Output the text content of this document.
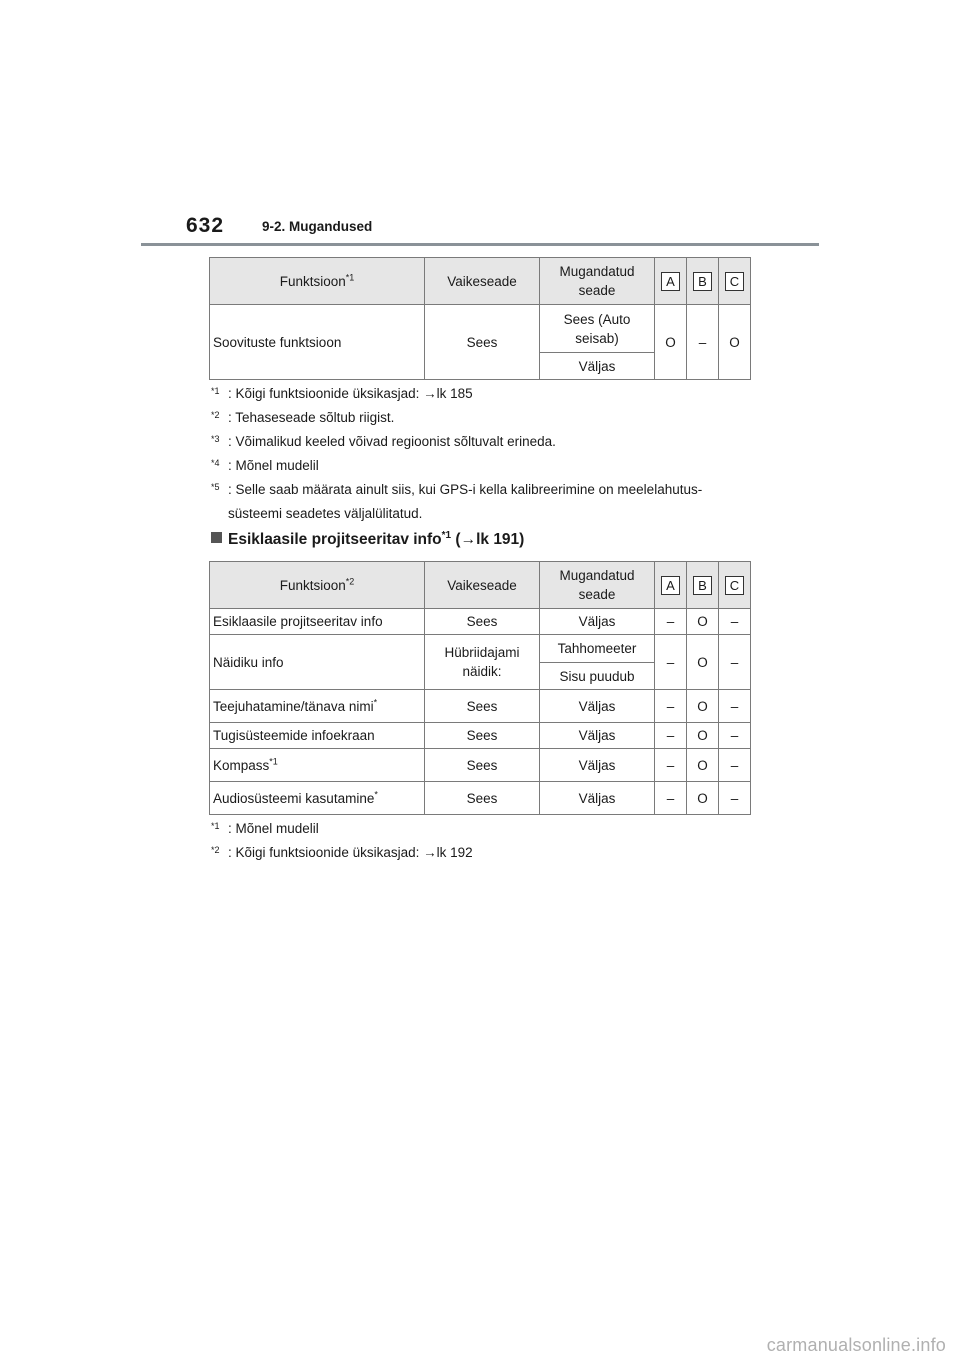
632	9-2. Mugandused
Funktsioon$^{*1}$	Vaikeseade	Mugandatud seade	A	B	C
Soovituste funktsioon	Sees	Sees (Auto seisab)	O	–	O
		Väljas			
*1 : Kõigi funktsioonide üksikasjad: →lk 185
*2 : Tehaseseade sõltub riigist.
*3 : Võimalikud keeled võivad regioonist sõltuvalt erineda.
*4 : Mõnel mudelil
*5 : Selle saab määrata ainult siis, kui GPS-i kella kalibreerimine on meelelahutus-
süsteemi seadetes väljalülitatud.
Esiklaasile projitseeritav info$^{*1}$ (→lk 191)
Funktsioon$^{*2}$	Vaikeseade	Mugandatud seade	A	B	C
Esiklaasile projitseeritav info	Sees	Väljas	–	O	–
Näidiku info	Hübriidajami näidik:	Tahhomeeter	–	O	–
		Sisu puudub			
Teejuhatamine/tänava nimi*	Sees	Väljas	–	O	–
Tugisüsteemide infoekraan	Sees	Väljas	–	O	–
Kompass$^{*1}$	Sees	Väljas	–	O	–
Audiosüsteemi kasutamine*	Sees	Väljas	–	O	–
*1 : Mõnel mudelil
*2 : Kõigi funktsioonide üksikasjad: →lk 192
carmanualsonline.info
